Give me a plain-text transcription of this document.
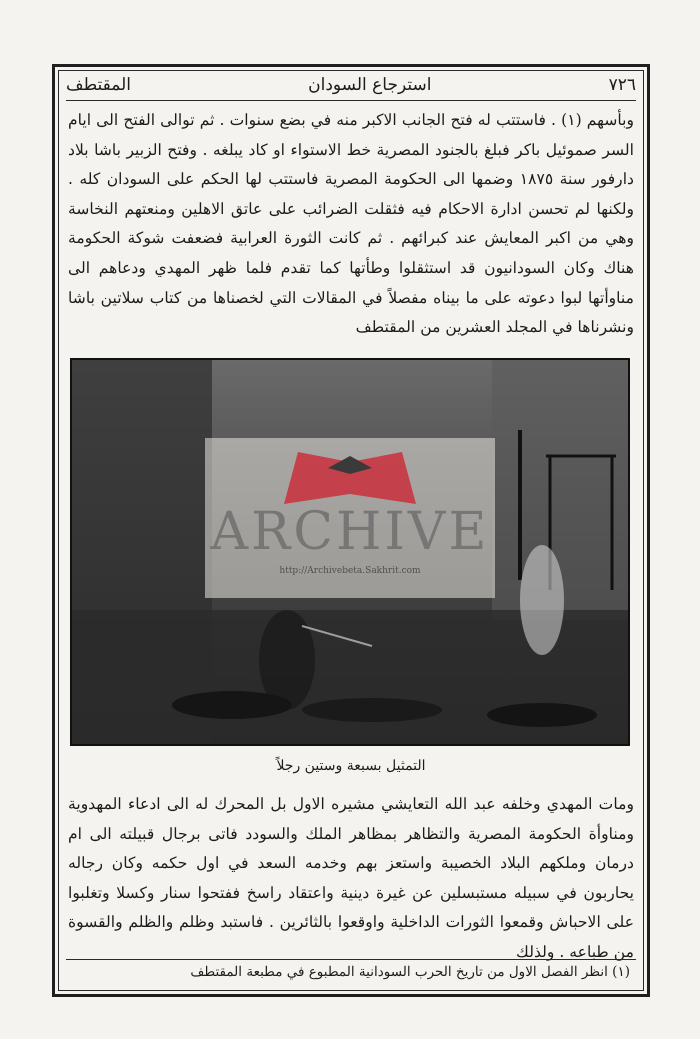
٧٢٦
استرجاع السودان
المقتطف
وبأسهم (١) . فاستتب له فتح الجانب الاكبر منه في بضع سنوات . ثم توالى الفتح الى ايام السر صموئيل باكر فبلغ بالجنود المصرية خط الاستواء او كاد يبلغه . وفتح الزبير باشا بلاد دارفور سنة ١٨٧٥ وضمها الى الحكومة المصرية فاستتب لها الحكم على السودان كله . ولكنها لم تحسن ادارة الاحكام فيه فثقلت الضرائب على عاتق الاهلين ومنعتهم النخاسة وهي من اكبر المعايش عند كبرائهم . ثم كانت الثورة العرابية فضعفت شوكة الحكومة هناك وكان السودانيون قد استثقلوا وطأتها كما تقدم فلما ظهر المهدي ودعاهم الى مناوأتها لبوا دعوته على ما بيناه مفصلاً في المقالات التي لخصناها من كتاب سلاتين باشا ونشرناها في المجلد العشرين من المقتطف
ARCHIVE
http://Archivebeta.Sakhrit.com
التمثيل بسبعة وستين رجلاً
ومات المهدي وخلفه عبد الله التعايشي مشيره الاول بل المحرك له الى ادعاء المهدوية ومناوأة الحكومة المصرية والتظاهر بمظاهر الملك والسودد فاتى برجال قبيلته الى ام درمان وملكهم البلاد الخصيبة واستعز بهم وخدمه السعد في اول حكمه وكان رجاله يحاربون في سبيله مستبسلين عن غيرة دينية واعتقاد راسخ ففتحوا سنار وكسلا وتغلبوا على الاحباش وقمعوا الثورات الداخلية واوقعوا بالثائرين . فاستبد وظلم والظلم والقسوة من طباعه . ولذلك
(١) انظر الفصل الاول من تاريخ الحرب السودانية المطبوع في مطبعة المقتطف
